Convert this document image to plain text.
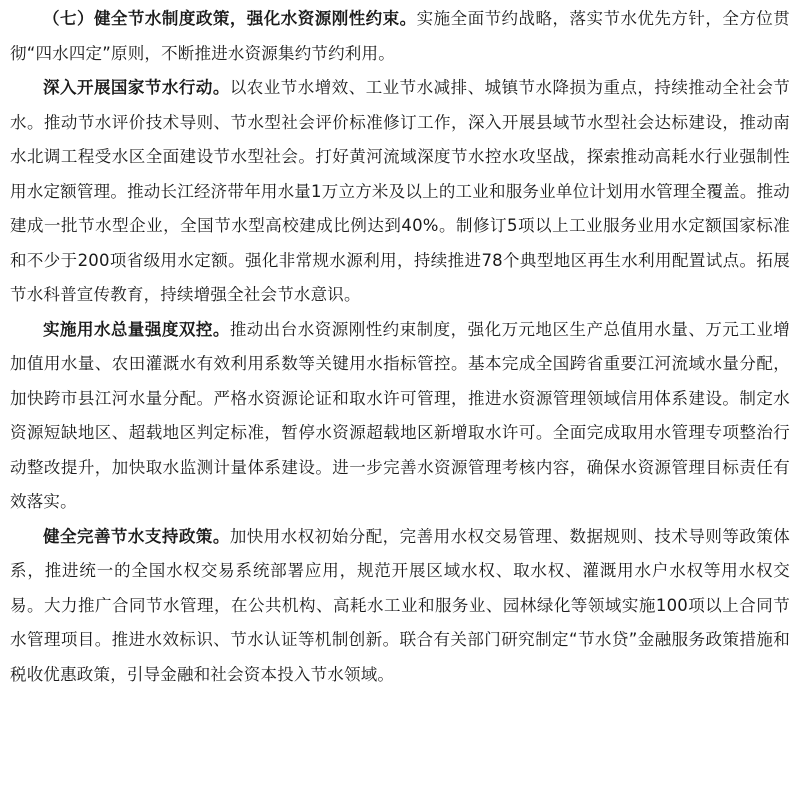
（七）健全节水制度政策，强化水资源刚性约束。实施全面节约战略，落实节水优先方针，全方位贯彻“四水四定”原则，不断推进水资源集约节约利用。

深入开展国家节水行动。以农业节水增效、工业节水减排、城镇节水降损为重点，持续推动全社会节水。推动节水评价技术导则、节水型社会评价标准修订工作，深入开展县域节水型社会达标建设，推动南水北调工程受水区全面建设节水型社会。打好黄河流域深度节水控水攻坚战，探索推动高耗水行业强制性用水定额管理。推动长江经济带年用水量1万立方米及以上的工业和服务业单位计划用水管理全覆盖。推动建成一批节水型企业，全国节水型高校建成比例达到40%。制修订5项以上工业服务业用水定额国家标准和不少于200项省级用水定额。强化非常规水源利用，持续推进78个典型地区再生水利用配置试点。拓展节水科普宣传教育，持续增强全社会节水意识。

实施用水总量强度双控。推动出台水资源刚性约束制度，强化万元地区生产总值用水量、万元工业增加值用水量、农田灌溉水有效利用系数等关键用水指标管控。基本完成全国跨省重要江河流域水量分配，加快跨市县江河水量分配。严格水资源论证和取水许可管理，推进水资源管理领域信用体系建设。制定水资源短缺地区、超载地区判定标准，暂停水资源超载地区新增取水许可。全面完成取用水管理专项整治行动整改提升，加快取水监测计量体系建设。进一步完善水资源管理考核内容，确保水资源管理目标责任有效落实。

健全完善节水支持政策。加快用水权初始分配，完善用水权交易管理、数据规则、技术导则等政策体系，推进统一的全国水权交易系统部署应用，规范开展区域水权、取水权、灌溉用水户水权等用水权交易。大力推广合同节水管理，在公共机构、高耗水工业和服务业、园林绿化等领域实施100项以上合同节水管理项目。推进水效标识、节水认证等机制创新。联合有关部门研究制定“节水贷”金融服务政策措施和税收优惠政策，引导金融和社会资本投入节水领域。
